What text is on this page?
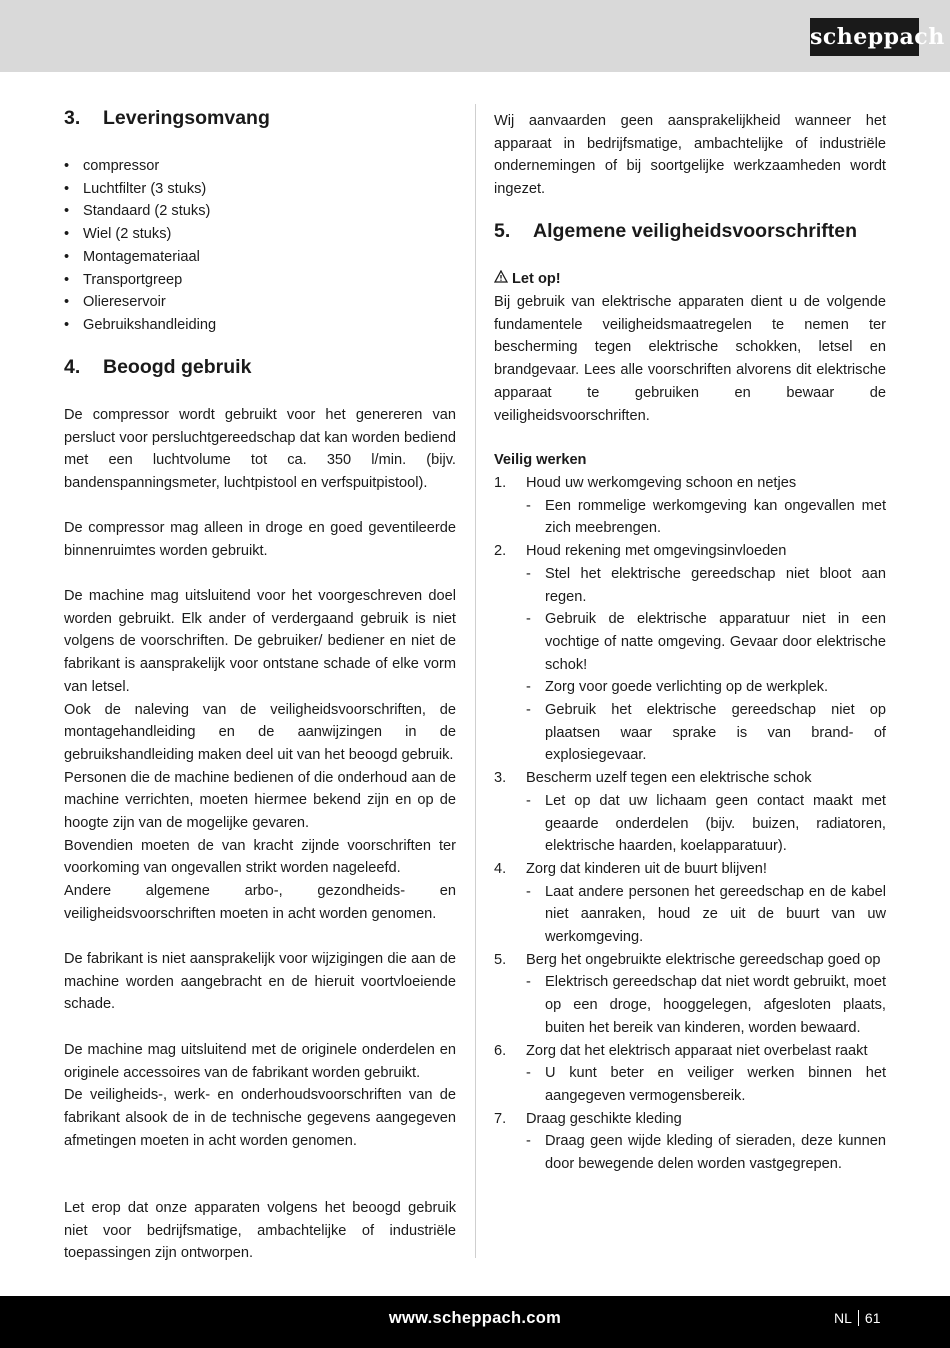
scheppach
3. Leveringsomvang
• compressor
• Luchtfilter (3 stuks)
• Standaard (2 stuks)
• Wiel (2 stuks)
• Montagemateriaal
• Transportgreep
• Oliereservoir
• Gebruikshandleiding
4. Beoogd gebruik

De compressor wordt gebruikt voor het genereren van persluct voor persluchtgereedschap dat kan worden bediend met een luchtvolume tot ca. 350 l/min. (bijv. bandenspanningsmeter, luchtpistool en verfspuitpistool).

De compressor mag alleen in droge en goed geventileerde binnenruimtes worden gebruikt.

De machine mag uitsluitend voor het voorgeschreven doel worden gebruikt. Elk ander of verdergaand gebruik is niet volgens de voorschriften. De gebruiker/ bediener en niet de fabrikant is aansprakelijk voor ontstane schade of elke vorm van letsel.
Ook de naleving van de veiligheidsvoorschriften, de montagehandleiding en de aanwijzingen in de gebruikshandleiding maken deel uit van het beoogd gebruik.
Personen die de machine bedienen of die onderhoud aan de machine verrichten, moeten hiermee bekend zijn en op de hoogte zijn van de mogelijke gevaren.
Bovendien moeten de van kracht zijnde voorschriften ter voorkoming van ongevallen strikt worden nageleefd.
Andere algemene arbo-, gezondheids- en veiligheidsvoorschriften moeten in acht worden genomen.

De fabrikant is niet aansprakelijk voor wijzigingen die aan de machine worden aangebracht en de hieruit voortvloeiende schade.

De machine mag uitsluitend met de originele onderdelen en originele accessoires van de fabrikant worden gebruikt.
De veiligheids-, werk- en onderhoudsvoorschriften van de fabrikant alsook de in de technische gegevens aangegeven afmetingen moeten in acht worden genomen.

Let erop dat onze apparaten volgens het beoogd gebruik niet voor bedrijfsmatige, ambachtelijke of industriële toepassingen zijn ontworpen.

Wij aanvaarden geen aansprakelijkheid wanneer het apparaat in bedrijfsmatige, ambachtelijke of industriële ondernemingen of bij soortgelijke werkzaamheden wordt ingezet.

5. Algemene veiligheidsvoorschriften
Let op!

Bij gebruik van elektrische apparaten dient u de volgende fundamentele veiligheidsmaatregelen te nemen ter bescherming tegen elektrische schokken, letsel en brandgevaar. Lees alle voorschriften alvorens dit elektrische apparaat te gebruiken en bewaar de veiligheidsvoorschriften.

Veilig werken
1. Houd uw werkomgeving schoon en netjes
- Een rommelige werkomgeving kan ongevallen met zich meebrengen.
2. Houd rekening met omgevingsinvloeden
- Stel het elektrische gereedschap niet bloot aan regen.
- Gebruik de elektrische apparatuur niet in een vochtige of natte omgeving. Gevaar door elektrische schok!
- Zorg voor goede verlichting op de werkplek.
- Gebruik het elektrische gereedschap niet op plaatsen waar sprake is van brand- of explosiegevaar.
3. Bescherm uzelf tegen een elektrische schok
- Let op dat uw lichaam geen contact maakt met geaarde onderdelen (bijv. buizen, radiatoren, elektrische haarden, koelapparatuur).
4. Zorg dat kinderen uit de buurt blijven!
- Laat andere personen het gereedschap en de kabel niet aanraken, houd ze uit de buurt van uw werkomgeving.
5. Berg het ongebruikte elektrische gereedschap goed op
- Elektrisch gereedschap dat niet wordt gebruikt, moet op een droge, hooggelegen, afgesloten plaats, buiten het bereik van kinderen, worden bewaard.
6. Zorg dat het elektrisch apparaat niet overbelast raakt
- U kunt beter en veiliger werken binnen het aangegeven vermogensbereik.
7. Draag geschikte kleding
- Draag geen wijde kleding of sieraden, deze kunnen door bewegende delen worden vastgegrepen.
www.scheppach.com	NL 61
